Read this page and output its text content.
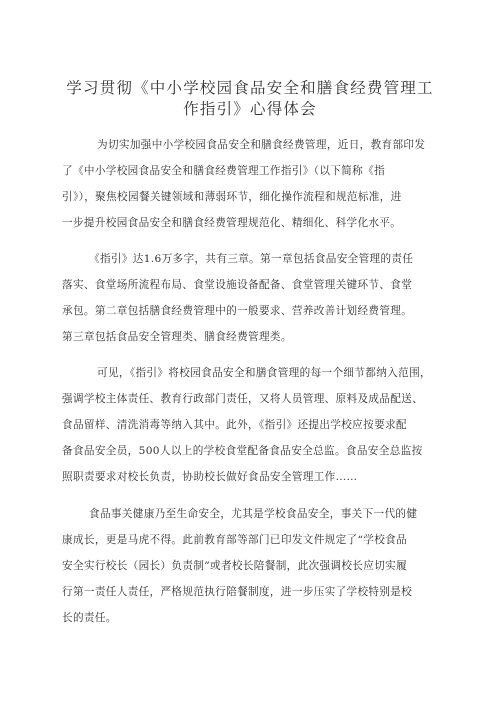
学习贯彻《中小学校园食品安全和膳食经费管理工
作指引》心得体会
为切实加强中小学校园食品安全和膳食经费管理，近日，教育部印发
了《中小学校园食品安全和膳食经费管理工作指引》（以下简称《指
引》），聚焦校园餐关键领域和薄弱环节，细化操作流程和规范标准，进
一步提升校园食品安全和膳食经费管理规范化、精细化、科学化水平。
《指引》达1.6万多字，共有三章。第一章包括食品安全管理的责任
落实、食堂场所流程布局、食堂设施设备配备、食堂管理关键环节、食堂
承包。第二章包括膳食经费管理中的一般要求、营养改善计划经费管理。
第三章包括食品安全管理类、膳食经费管理类。
可见，《指引》将校园食品安全和膳食管理的每一个细节都纳入范围，
强调学校主体责任、教育行政部门责任，又将人员管理、原料及成品配送、
食品留样、清洗消毒等纳入其中。此外，《指引》还提出学校应按要求配
备食品安全员，500人以上的学校食堂配备食品安全总监。食品安全总监按
照职责要求对校长负责，协助校长做好食品安全管理工作……
食品事关健康乃至生命安全，尤其是学校食品安全，事关下一代的健
康成长，更是马虎不得。此前教育部等部门已印发文件规定了“学校食品
安全实行校长（园长）负责制”或者校长陪餐制，此次强调校长应切实履
行第一责任人责任，严格规范执行陪餐制度，进一步压实了学校特别是校
长的责任。
